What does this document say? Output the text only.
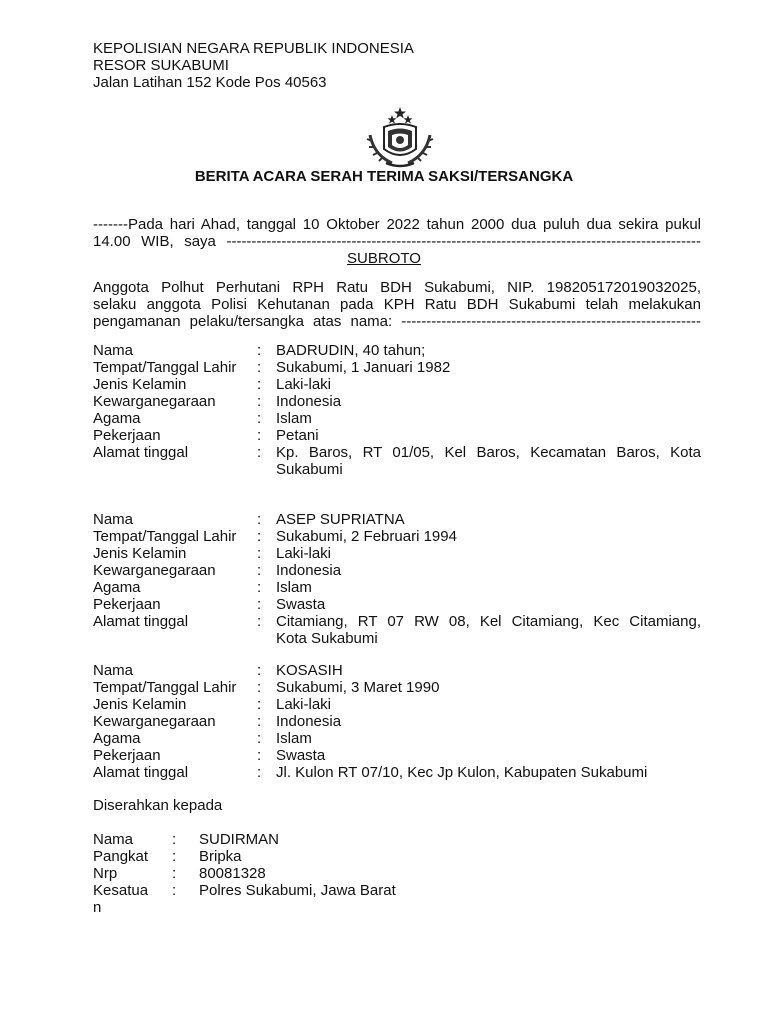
KEPOLISIAN NEGARA REPUBLIK INDONESIA
RESOR SUKABUMI
Jalan Latihan 152 Kode Pos 40563
BERITA ACARA SERAH TERIMA SAKSI/TERSANGKA
-------Pada hari Ahad, tanggal 10 Oktober 2022 tahun 2000 dua puluh dua sekira pukul
14.00 WIB, saya -----------------------------------------------------------------------------------------------
SUBROTO
Anggota Polhut Perhutani RPH Ratu BDH Sukabumi, NIP. 198205172019032025,
selaku anggota Polisi Kehutanan pada KPH Ratu BDH Sukabumi telah melakukan
pengamanan pelaku/tersangka atas nama: ------------------------------------------------------------
Nama	: BADRUDIN, 40 tahun;
Tempat/Tanggal Lahir : Sukabumi, 1 Januari 1982
Jenis Kelamin	: Laki-laki
Kewarganegaraan	: Indonesia
Agama	: Islam
Pekerjaan	: Petani
Alamat tinggal	: Kp. Baros, RT 01/05, Kel Baros, Kecamatan Baros, Kota
Sukabumi
Nama	: ASEP SUPRIATNA
Tempat/Tanggal Lahir : Sukabumi, 2 Februari 1994
Jenis Kelamin	: Laki-laki
Kewarganegaraan	: Indonesia
Agama	: Islam
Pekerjaan	: Swasta
Alamat tinggal	: Citamiang, RT 07 RW 08, Kel Citamiang, Kec Citamiang,
Kota Sukabumi
Nama	: KOSASIH
Tempat/Tanggal Lahir : Sukabumi, 3 Maret 1990
Jenis Kelamin	: Laki-laki
Kewarganegaraan	: Indonesia
Agama	: Islam
Pekerjaan	: Swasta
Alamat tinggal	: Jl. Kulon RT 07/10, Kec Jp Kulon, Kabupaten Sukabumi
Diserahkan kepada
Nama	: SUDIRMAN
Pangkat : Bripka
Nrp	: 80081328
Kesatua : Polres Sukabumi, Jawa Barat
n
